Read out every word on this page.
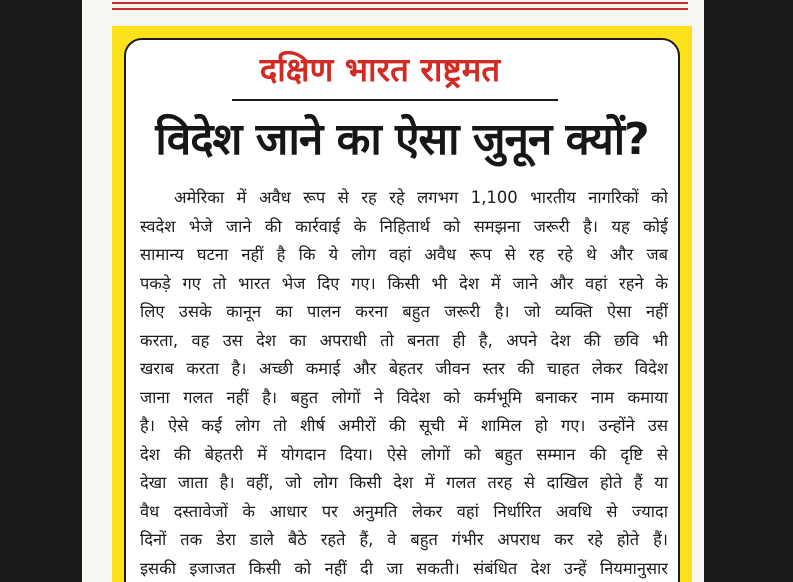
दक्षिण भारत राष्ट्रमत
विदेश जाने का ऐसा जुनून क्यों?
अमेरिका में अवैध रूप से रह रहे लगभग 1,100 भारतीय नागरिकों को
स्वदेश भेजे जाने की कार्रवाई के निहितार्थ को समझना जरूरी है। यह कोई
सामान्य घटना नहीं है कि ये लोग वहां अवैध रूप से रह रहे थे और जब
पकड़े गए तो भारत भेज दिए गए। किसी भी देश में जाने और वहां रहने के
लिए उसके कानून का पालन करना बहुत जरूरी है। जो व्यक्ति ऐसा नहीं
करता, वह उस देश का अपराधी तो बनता ही है, अपने देश की छवि भी
खराब करता है। अच्छी कमाई और बेहतर जीवन स्तर की चाहत लेकर विदेश
जाना गलत नहीं है। बहुत लोगों ने विदेश को कर्मभूमि बनाकर नाम कमाया
है। ऐसे कई लोग तो शीर्ष अमीरों की सूची में शामिल हो गए। उन्होंने उस
देश की बेहतरी में योगदान दिया। ऐसे लोगों को बहुत सम्मान की दृष्टि से
देखा जाता है। वहीं, जो लोग किसी देश में गलत तरह से दाखिल होते हैं या
वैध दस्तावेजों के आधार पर अनुमति लेकर वहां निर्धारित अवधि से ज्यादा
दिनों तक डेरा डाले बैठे रहते हैं, वे बहुत गंभीर अपराध कर रहे होते हैं।
इसकी इजाजत किसी को नहीं दी जा सकती। संबंधित देश उन्हें नियमानुसार
